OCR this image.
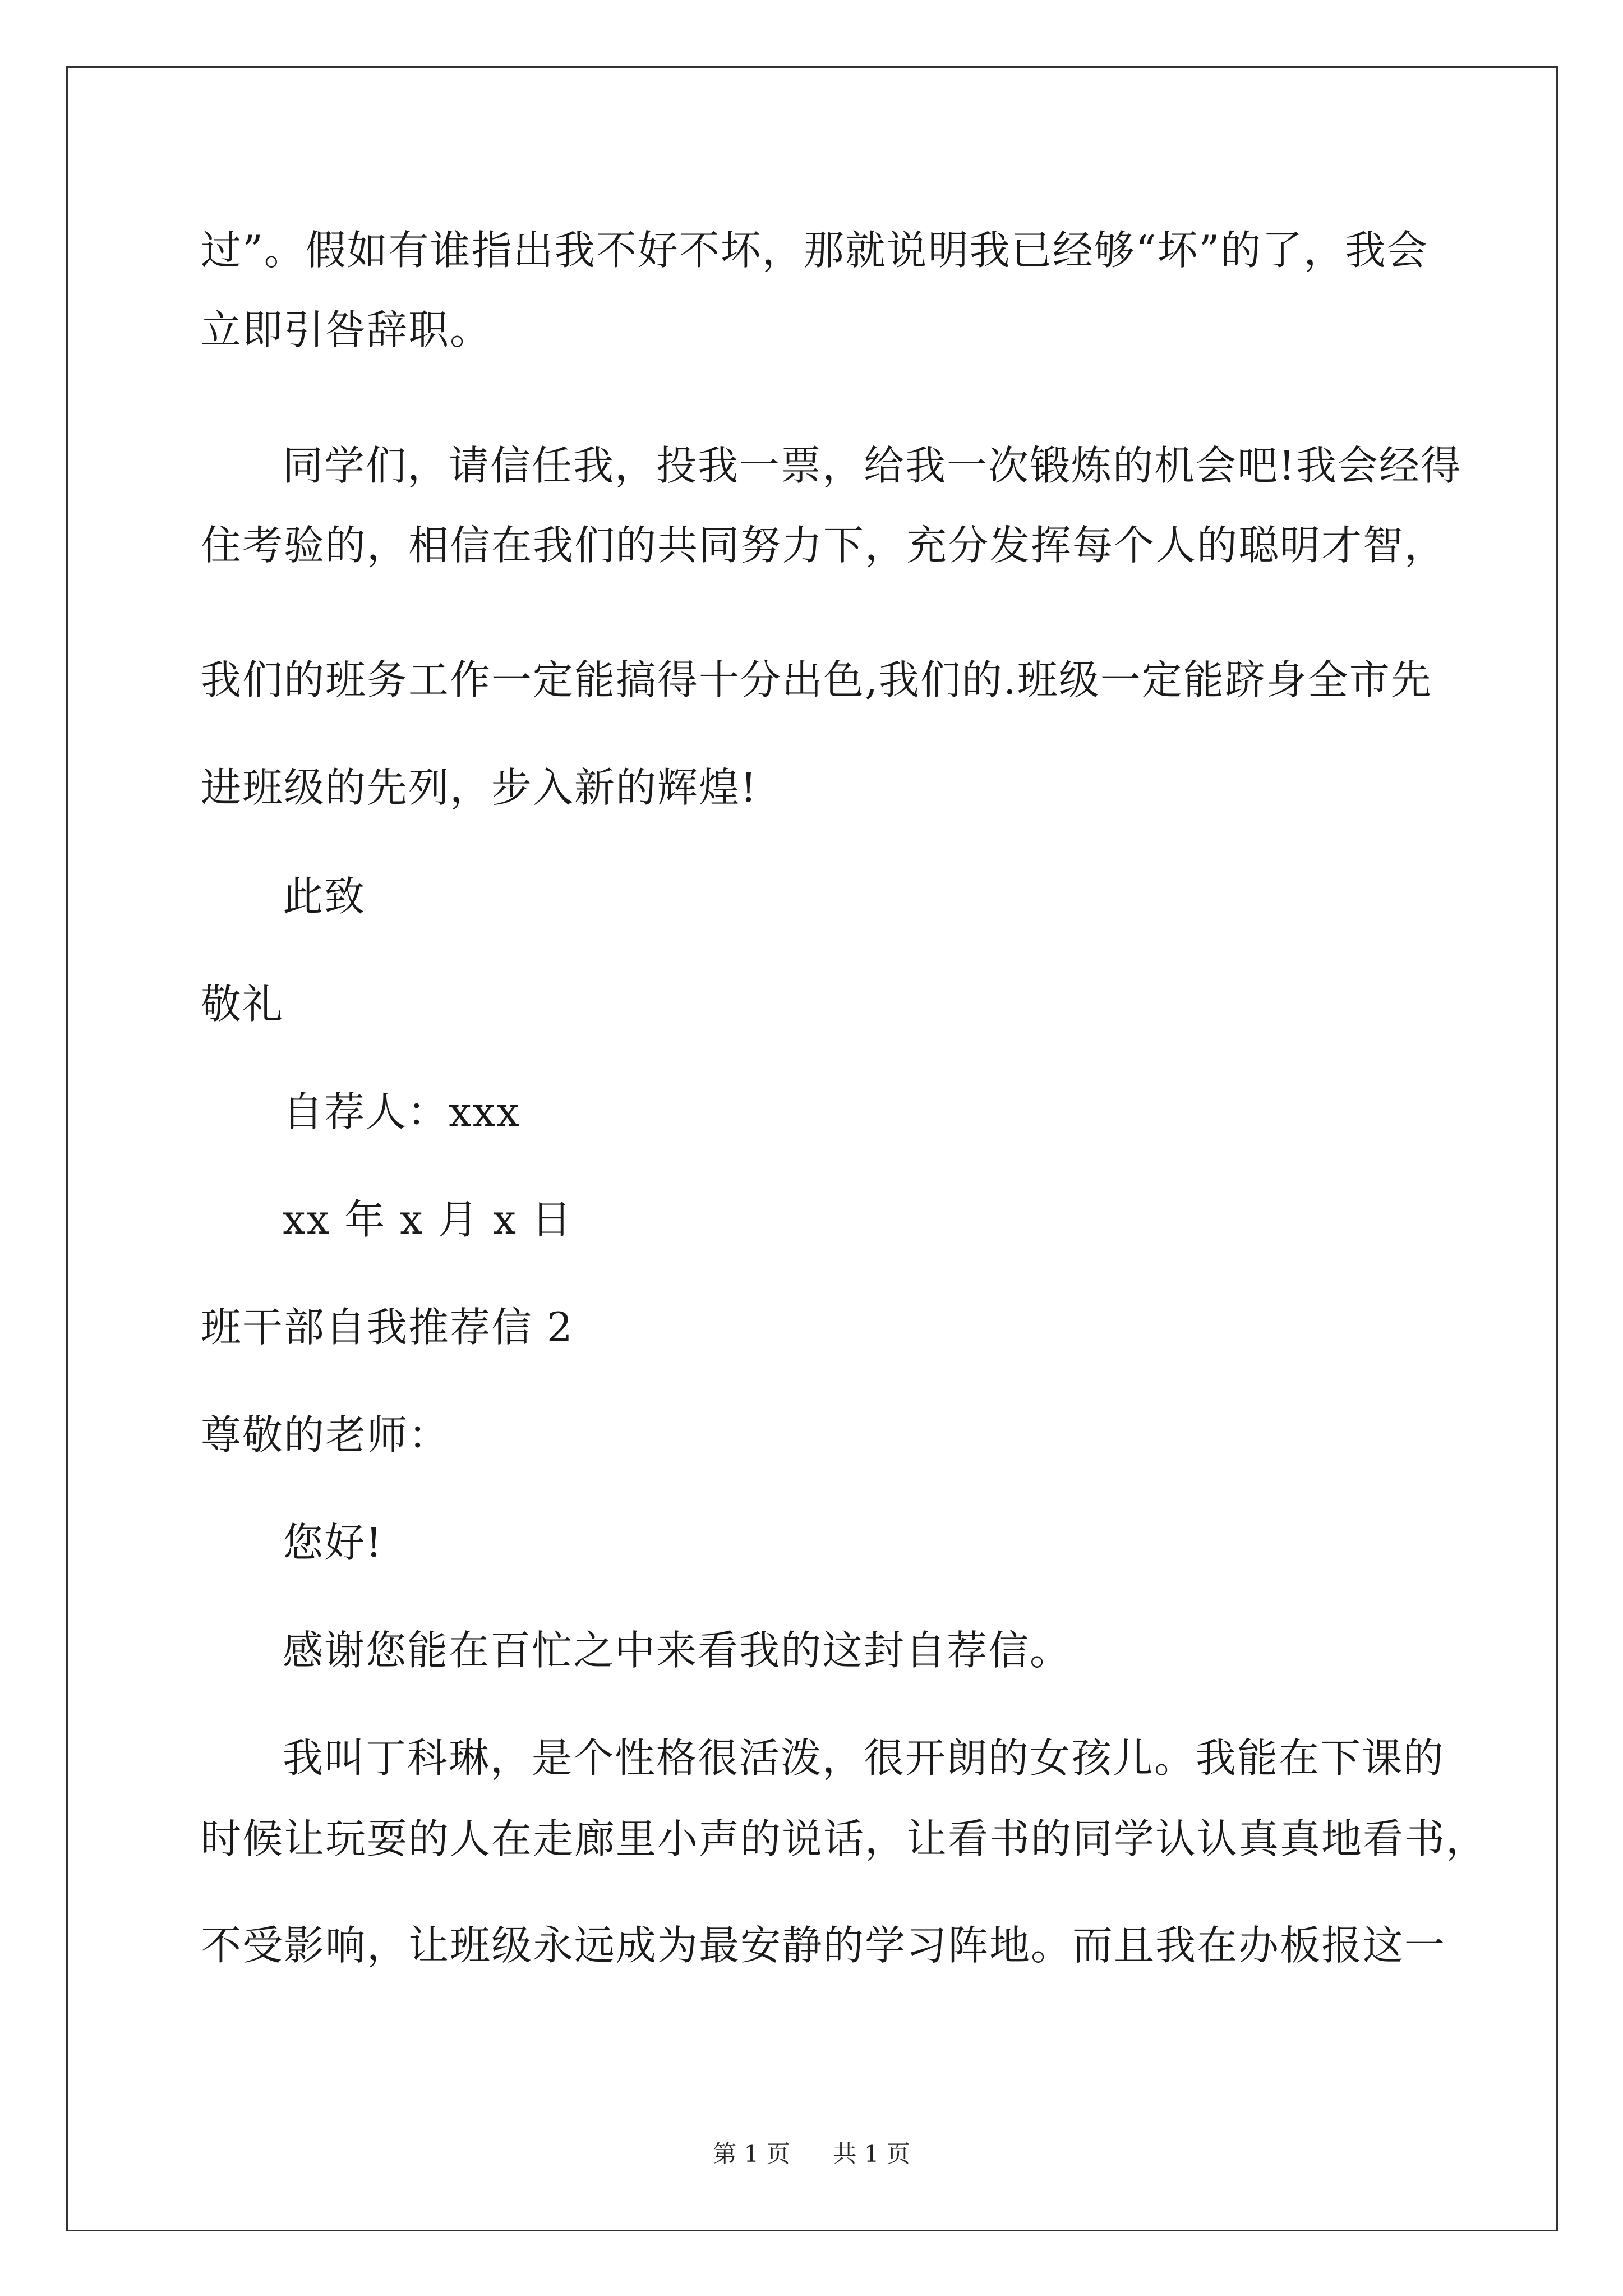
过”。假如有谁指出我不好不坏，那就说明我已经够“坏”的了，我会
立即引咎辞职。
同学们，请信任我，投我一票，给我一次锻炼的机会吧!我会经得
住考验的，相信在我们的共同努力下，充分发挥每个人的聪明才智，
我们的班务工作一定能搞得十分出色,我们的.班级一定能跻身全市先
进班级的先列，步入新的辉煌!
此致
敬礼
自荐人：xxx
xx 年 x 月 x 日
班干部自我推荐信 2
尊敬的老师：
您好!
感谢您能在百忙之中来看我的这封自荐信。
我叫丁科琳，是个性格很活泼，很开朗的女孩儿。我能在下课的
时候让玩耍的人在走廊里小声的说话，让看书的同学认认真真地看书，
不受影响，让班级永远成为最安静的学习阵地。而且我在办板报这一
第 1 页 共 1 页
